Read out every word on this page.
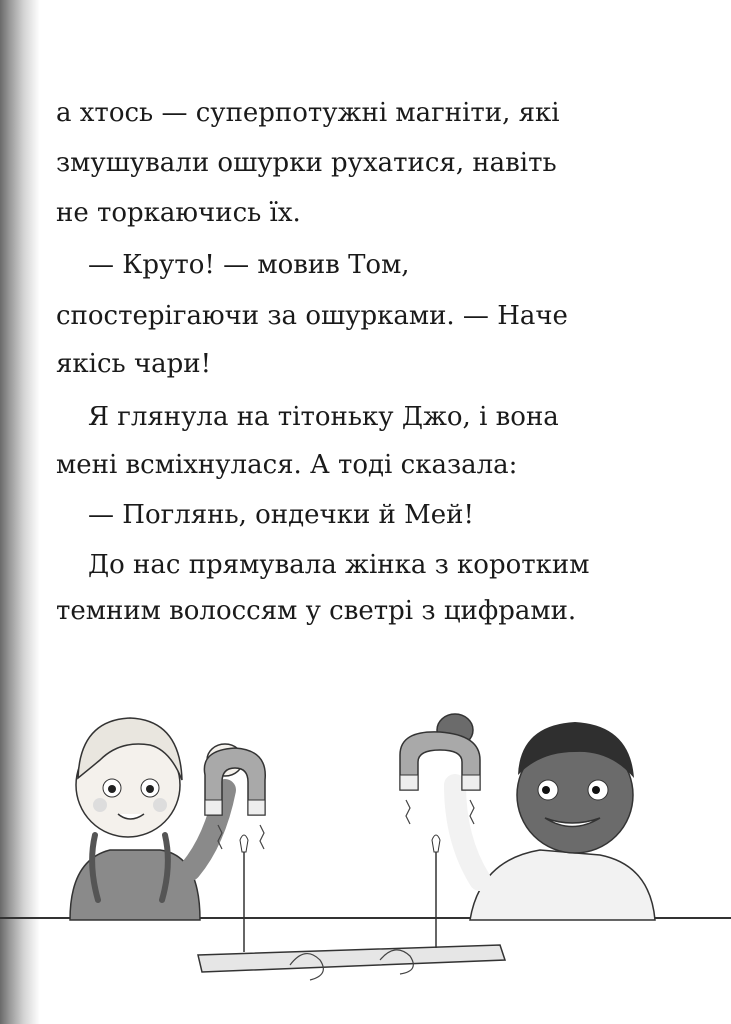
а хтось — суперпотужні магніти, які
змушували ошурки рухатися, навіть
не торкаючись їх.
— Круто! — мовив Том,
спостерігаючи за ошурками. — Наче
якісь чари!
Я глянула на тітоньку Джо, і вона
мені всміхнулася. А тоді сказала:
— Поглянь, ондечки й Мей!
До нас прямувала жінка з коротким
темним волоссям у светрі з цифрами.
